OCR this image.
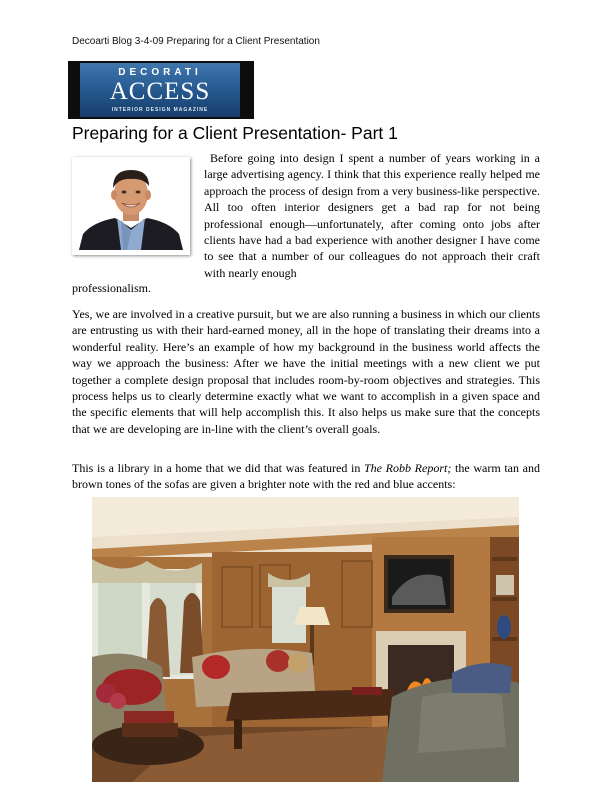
Decoarti Blog 3-4-09 Preparing for a Client Presentation
DECORATI
ACCESS
INTERIOR DESIGN MAGAZINE
Preparing for a Client Presentation- Part 1

Before going into design I spent a number of years working in a large advertising agency. I think that this experience really helped me approach the process of design from a very business-like perspective. All too often interior designers get a bad rap for not being professional enough—unfortunately, after coming onto jobs after clients have had a bad experience with another designer I have come to see that a number of our colleagues do not approach their craft with nearly enough

professionalism.

Yes, we are involved in a creative pursuit, but we are also running a business in which our clients are entrusting us with their hard-earned money, all in the hope of translating their dreams into a wonderful reality. Here’s an example of how my background in the business world affects the way we approach the business: After we have the initial meetings with a new client we put together a complete design proposal that includes room-by-room objectives and strategies. This process helps us to clearly determine exactly what we want to accomplish in a given space and the specific elements that will help accomplish this. It also helps us make sure that the concepts that we are developing are in-line with the client’s overall goals.

This is a library in a home that we did that was featured in The Robb Report; the warm tan and brown tones of the sofas are given a brighter note with the red and blue accents:
